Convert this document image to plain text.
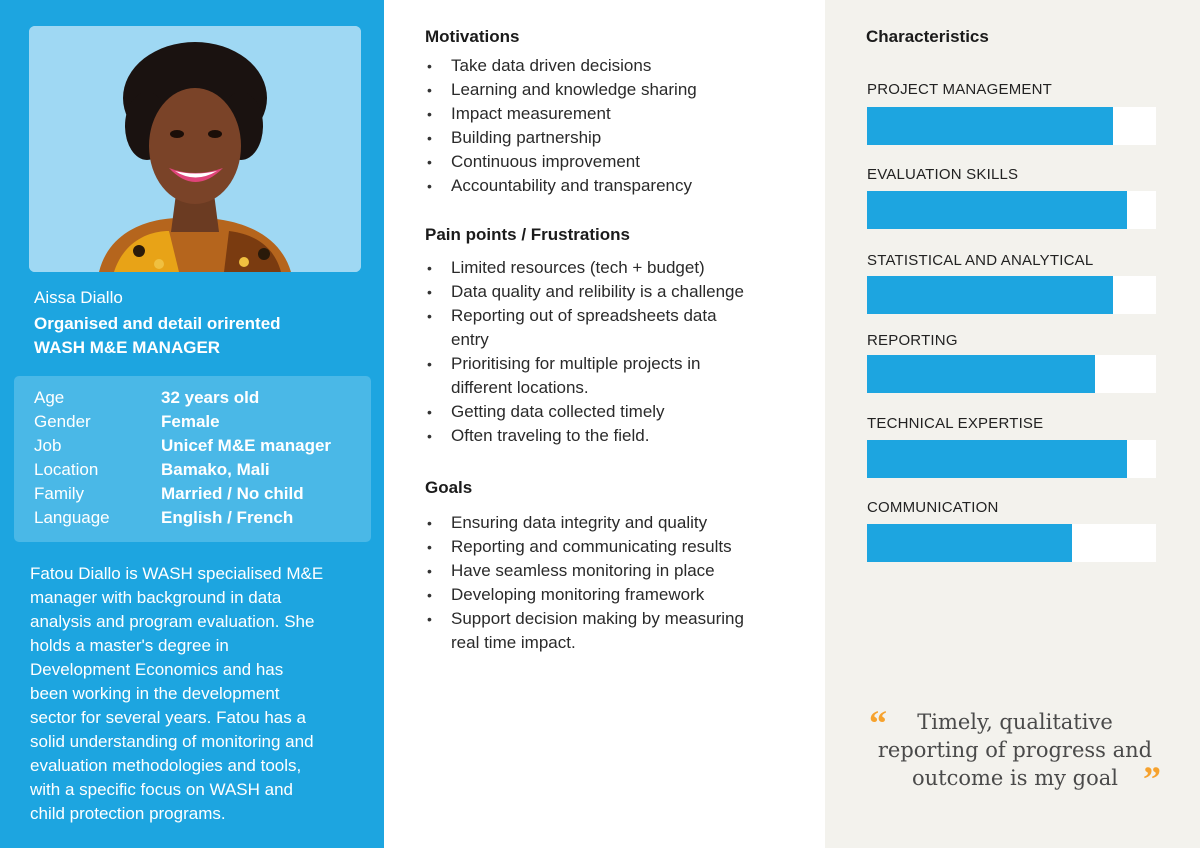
Aissa Diallo
Organised and detail orirented
WASH M&E MANAGER
Age	32 years old
Gender	Female
Job	Unicef M&E manager
Location	Bamako, Mali
Family	Married / No child
Language	English / French
Fatou Diallo is WASH specialised M&E
manager with background in data
analysis and program evaluation. She
holds a master's degree in
Development Economics and has
been working in the development
sector for several years. Fatou has a
solid understanding of monitoring and
evaluation methodologies and tools,
with a specific focus on WASH and
child protection programs.
Motivations
• Take data driven decisions
• Learning and knowledge sharing
• Impact measurement
• Building partnership
• Continuous improvement
• Accountability and transparency
Pain points / Frustrations
• Limited resources (tech + budget)
• Data quality and relibility is a challenge
• Reporting out of spreadsheets data
entry
• Prioritising for multiple projects in
different locations.
• Getting data collected timely
• Often traveling to the field.
Goals
• Ensuring data integrity and quality
• Reporting and communicating results
• Have seamless monitoring in place
• Developing monitoring framework
• Support decision making by measuring
real time impact.
Characteristics
PROJECT MANAGEMENT
EVALUATION SKILLS
STATISTICAL AND ANALYTICAL
REPORTING
TECHNICAL EXPERTISE
COMMUNICATION
“	Timely, qualitative
reporting of progress and
outcome is my goal ”
